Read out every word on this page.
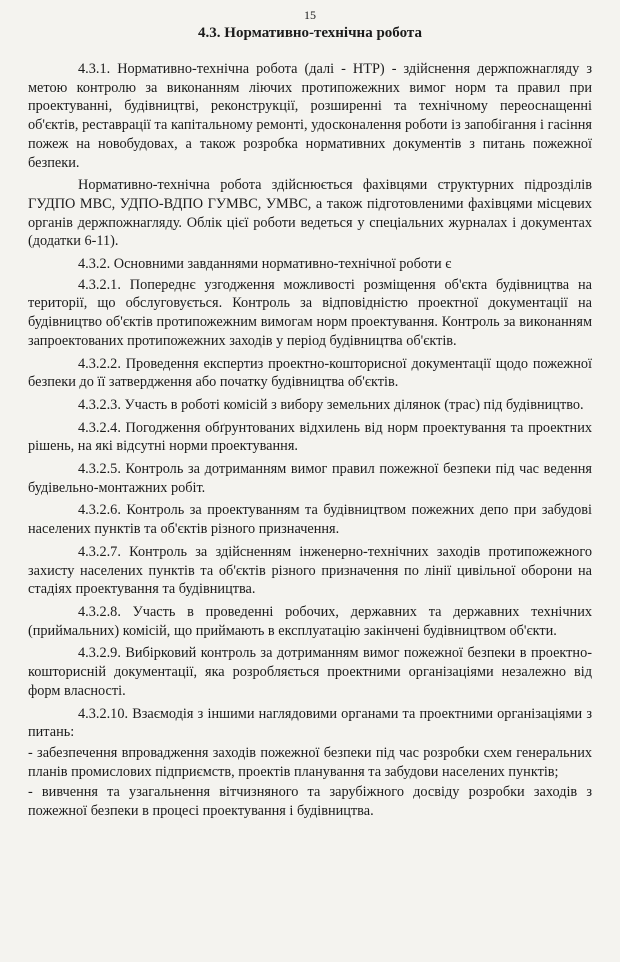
15
4.3. Нормативно-технічна робота

4.3.1. Нормативно-технічна робота (далі - НТР) - здійснення держпожнагляду з метою контролю за виконанням ліючих протипожежних вимог норм та правил при проектуванні, будівництві, реконструкції, розширенні та технічному переоснащенні об'єктів, реставрації та капітальному ремонті, удосконалення роботи із запобігання і гасіння пожеж на новобудовах, а також розробка нормативних документів з питань пожежної безпеки.

Нормативно-технічна робота здійснюється фахівцями структурних підрозділів ГУДПО МВС, УДПО-ВДПО ГУМВС, УМВС, а також підготовленими фахівцями місцевих органів держпожнагляду. Облік цієї роботи ведеться у спеціальних журналах і документах (додатки 6-11).

4.3.2. Основними завданнями нормативно-технічної роботи є

4.3.2.1. Попереднє узгодження можливості розміщення об'єкта будівництва на території, що обслуговується. Контроль за відповідністю проектної документації на будівництво об'єктів протипожежним вимогам норм проектування. Контроль за виконанням запроектованих протипожежних заходів у період будівництва об'єктів.

4.3.2.2. Проведення експертиз проектно-кошторисної документації щодо пожежної безпеки до її затвердження або початку будівництва об'єктів.

4.3.2.3. Участь в роботі комісій з вибору земельних ділянок (трас) під будівництво.

4.3.2.4. Погодження обґрунтованих відхилень від норм проектування та проектних рішень, на які відсутні норми проектування.

4.3.2.5. Контроль за дотриманням вимог правил пожежної безпеки під час ведення будівельно-монтажних робіт.

4.3.2.6. Контроль за проектуванням та будівництвом пожежних депо при забудові населених пунктів та об'єктів різного призначення.

4.3.2.7. Контроль за здійсненням інженерно-технічних заходів протипожежного захисту населених пунктів та об'єктів різного призначення по лінії цивільної оборони на стадіях проектування та будівництва.

4.3.2.8. Участь в проведенні робочих, державних та державних технічних (приймальних) комісій, що приймають в експлуатацію закінчені будівництвом об'єкти.

4.3.2.9. Вибірковий контроль за дотриманням вимог пожежної безпеки в проектно-кошторисній документації, яка розробляється проектними організаціями незалежно від форм власності.

4.3.2.10. Взаємодія з іншими наглядовими органами та проектними організаціями з питань:

- забезпечення впровадження заходів пожежної безпеки під час розробки схем генеральних планів промислових підприємств, проектів планування та забудови населених пунктів;

- вивчення та узагальнення вітчизняного та зарубіжного досвіду розробки заходів з пожежної безпеки в процесі проектування і будівництва.
